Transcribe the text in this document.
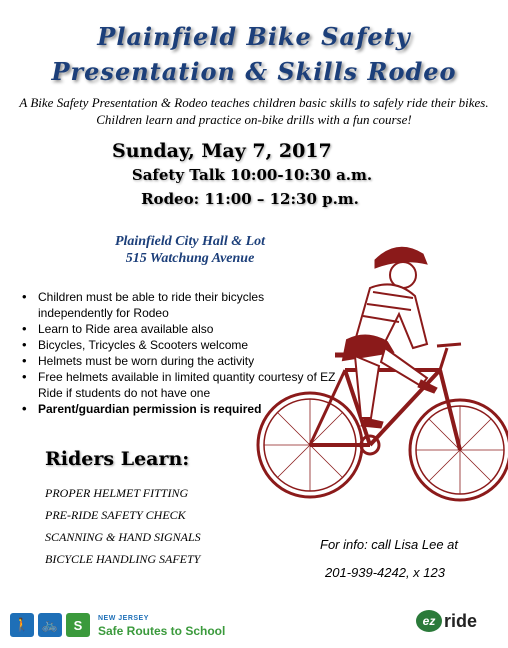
Plainfield Bike Safety
Presentation & Skills Rodeo
A Bike Safety Presentation & Rodeo teaches children basic skills to safely ride their bikes. Children learn and practice on-bike drills with a fun course!
Sunday, May 7, 2017
Safety Talk 10:00-10:30 a.m.
Rodeo: 11:00 – 12:30 p.m.
Plainfield City Hall & Lot
515 Watchung Avenue
• Children must be able to ride their bicycles independently for Rodeo
• Learn to Ride area available also
• Bicycles, Tricycles & Scooters welcome
• Helmets must be worn during the activity
• Free helmets available in limited quantity courtesy of EZ Ride if students do not have one
• Parent/guardian permission is required
Riders Learn:
PROPER HELMET FITTING
PRE-RIDE SAFETY CHECK
SCANNING & HAND SIGNALS
BICYCLE HANDLING SAFETY
For info: call Lisa Lee at
201-939-4242, x 123
🚶 🚲	S	NEW JERSEY
Safe Routes to School
ez ride
